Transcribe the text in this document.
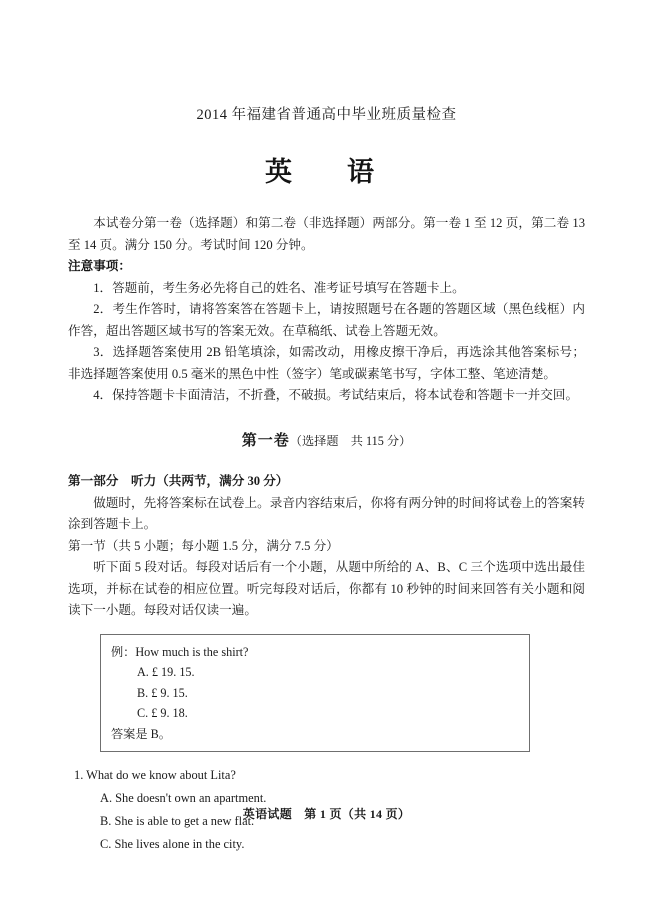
2014 年福建省普通高中毕业班质量检查
英　语
本试卷分第一卷（选择题）和第二卷（非选择题）两部分。第一卷 1 至 12 页，第二卷 13 至 14 页。满分 150 分。考试时间 120 分钟。
注意事项：
1．答题前，考生务必先将自己的姓名、准考证号填写在答题卡上。
2．考生作答时，请将答案答在答题卡上，请按照题号在各题的答题区域（黑色线框）内作答，超出答题区域书写的答案无效。在草稿纸、试卷上答题无效。
3．选择题答案使用 2B 铅笔填涂，如需改动，用橡皮擦干净后，再选涂其他答案标号；非选择题答案使用 0.5 毫米的黑色中性（签字）笔或碳素笔书写，字体工整、笔迹清楚。
4．保持答题卡卡面清洁，不折叠，不破损。考试结束后，将本试卷和答题卡一并交回。
第一卷（选择题　共 115 分）
第一部分　听力（共两节，满分 30 分）
做题时，先将答案标在试卷上。录音内容结束后，你将有两分钟的时间将试卷上的答案转涂到答题卡上。
第一节（共 5 小题；每小题 1.5 分，满分 7.5 分）
听下面 5 段对话。每段对话后有一个小题，从题中所给的 A、B、C 三个选项中选出最佳选项，并标在试卷的相应位置。听完每段对话后，你都有 10 秒钟的时间来回答有关小题和阅读下一小题。每段对话仅读一遍。
例：How much is the shirt?
A. £ 19. 15.
B. £ 9. 15.
C. £ 9. 18.
答案是 B。
1. What do we know about Lita?
A. She doesn't own an apartment.
B. She is able to get a new flat.
C. She lives alone in the city.
英语试题　第 1 页（共 14 页）
